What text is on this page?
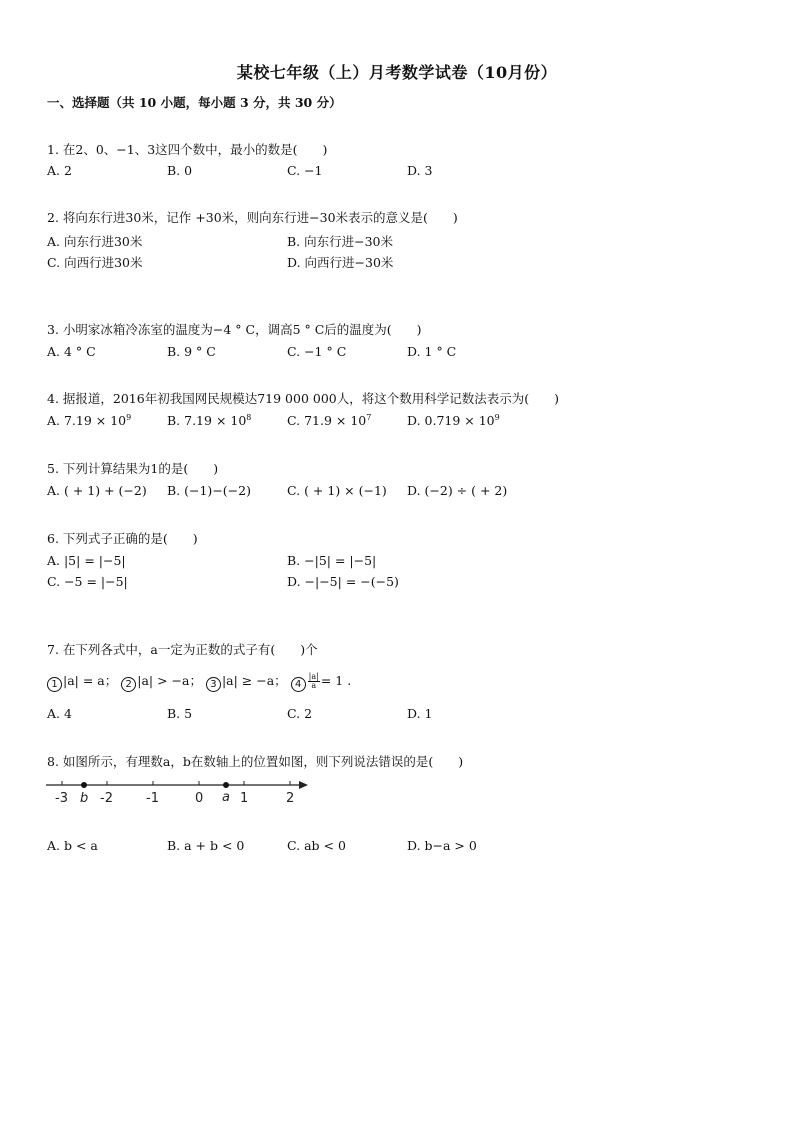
某校七年级（上）月考数学试卷（10月份）
一、选择题（共 10 小题，每小题 3 分，共 30 分）
1. 在2、0、−1、3这四个数中，最小的数是(　　)
A. 2	B. 0	C. −1	D. 3
2. 将向东行进30米，记作 +30米，则向东行进−30米表示的意义是(　　)
A. 向东行进30米	B. 向东行进−30米
C. 向西行进30米	D. 向西行进−30米
3. 小明家冰箱冷冻室的温度为−4 ° C，调高5 ° C后的温度为(　　)
A. 4 ° C	B. 9 ° C	C. −1 ° C	D. 1 ° C
4. 据报道，2016年初我国网民规模达719 000 000人，将这个数用科学记数法表示为(　　)
A. $7.19 \times 10^9$	B. $7.19 \times 10^8$	C. $71.9 \times 10^7$	D. $0.719 \times 10^9$
5. 下列计算结果为1的是(　　)
A. ( + 1) + (−2) B. (−1)−(−2)	C. ( + 1) × (−1) D. (−2) ÷ ( + 2)
6. 下列式子正确的是(　　)
A. |5| = |−5|	B. −|5| = |−5|
C. −5 = |−5|	D. −|−5| = −(−5)
7. 在下列各式中，a一定为正数的式子有(　　)个
1 |a| = a； 2 |a| > −a； 3 |a| ≥ −a； $4 \frac{|a|}{a} = 1$ .
A. 4	B. 5	C. 2	D. 1
8. 如图所示，有理数a，b在数轴上的位置如图，则下列说法错误的是(　　)
-3 b -2	-1	0 a 1	2
A. b < a	B. a + b < 0	C. ab < 0	D. b−a > 0
